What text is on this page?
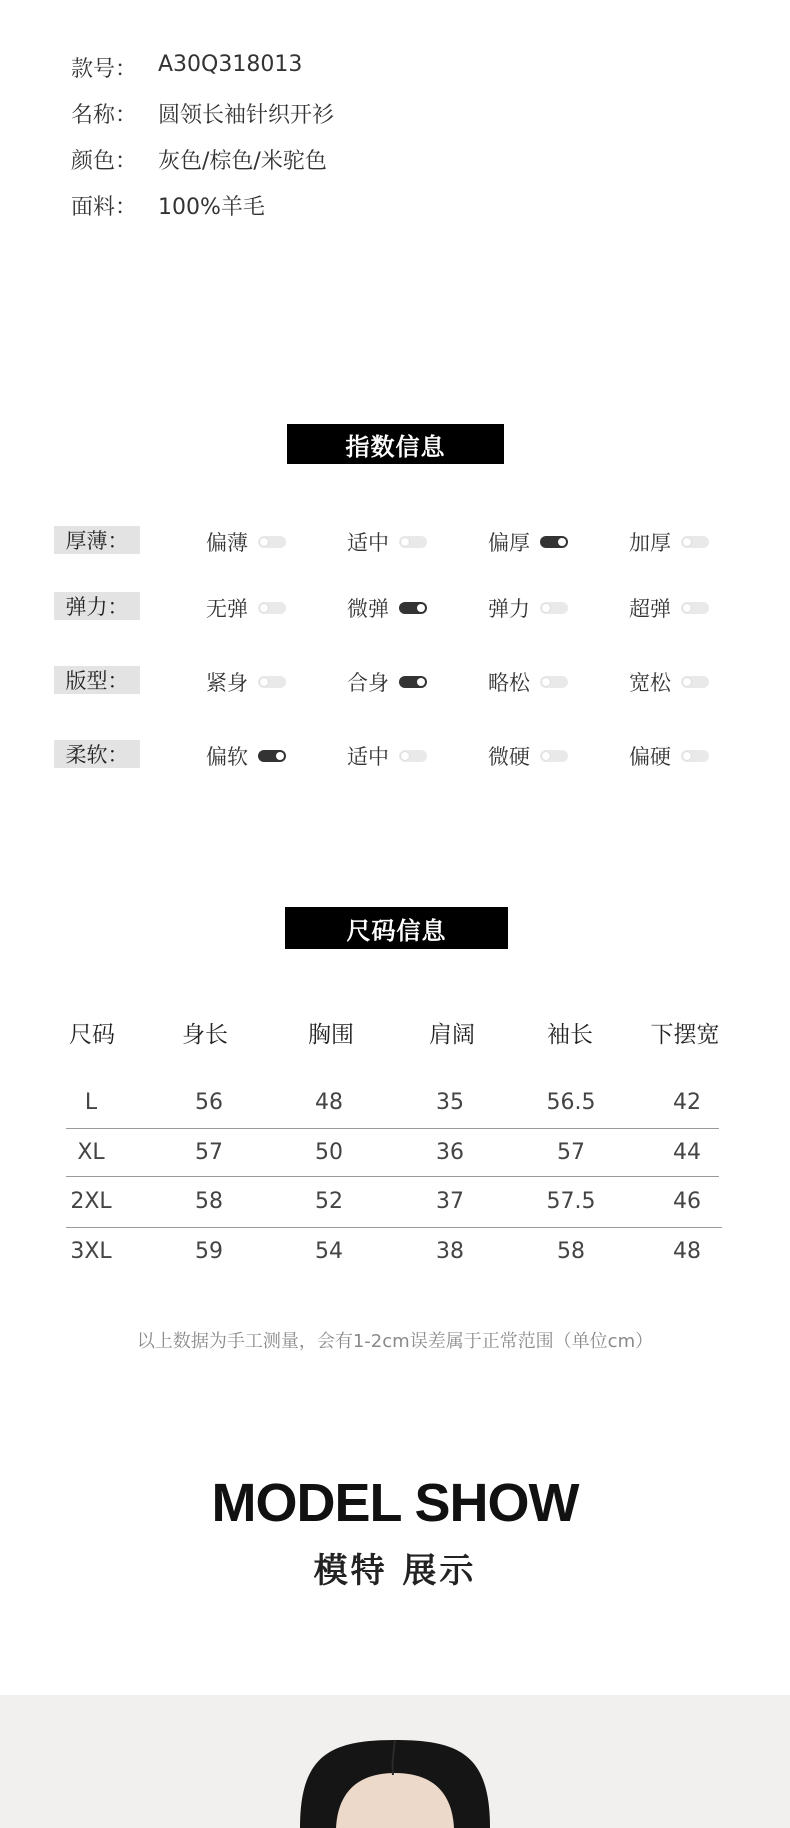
款号： A30Q318013
名称： 圆领长袖针织开衫
颜色： 灰色/棕色/米驼色
面料： 100%羊毛
指数信息
厚薄：	偏薄	适中	偏厚	加厚
弹力：	无弹	微弹	弹力	超弹
版型：	紧身	合身	略松	宽松
柔软：	偏软	适中	微硬	偏硬
尺码信息
尺码	身长	胸围	肩阔	袖长	下摆宽
L	56	48	35	56.5	42
XL	57	50	36	57	44
2XL	58	52	37	57.5	46
3XL	59	54	38	58	48
以上数据为手工测量，会有1-2cm误差属于正常范围（单位cm）
MODEL SHOW
模特 展示
